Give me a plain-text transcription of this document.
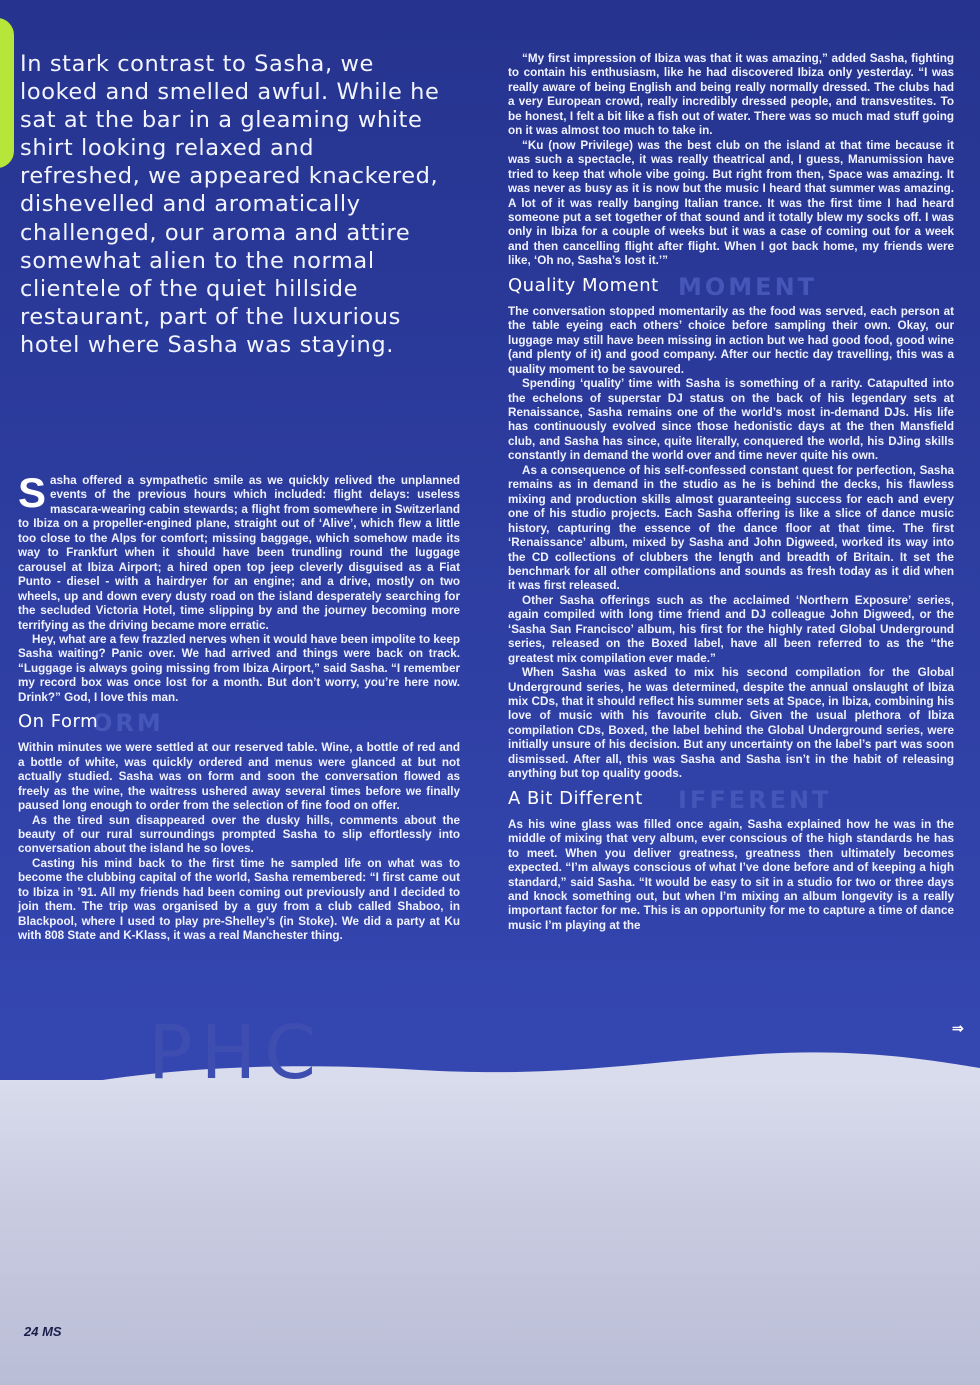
In stark contrast to Sasha, we looked and smelled awful. While he sat at the bar in a gleaming white shirt looking relaxed and refreshed, we appeared knackered, dishevelled and aromatically challenged, our aroma and attire somewhat alien to the normal clientele of the quiet hillside restaurant, part of the luxurious hotel where Sasha was staying.

Sasha offered a sympathetic smile as we quickly relived the unplanned events of the previous hours which included: flight delays: useless mascara-wearing cabin stewards; a flight from somewhere in Switzerland to Ibiza on a propeller-engined plane, straight out of ‘Alive’, which flew a little too close to the Alps for comfort; missing baggage, which somehow made its way to Frankfurt when it should have been trundling round the luggage carousel at Ibiza Airport; a hired open top jeep cleverly disguised as a Fiat Punto - diesel - with a hairdryer for an engine; and a drive, mostly on two wheels, up and down every dusty road on the island desperately searching for the secluded Victoria Hotel, time slipping by and the journey becoming more terrifying as the driving became more erratic.

Hey, what are a few frazzled nerves when it would have been impolite to keep Sasha waiting? Panic over. We had arrived and things were back on track. “Luggage is always going missing from Ibiza Airport,” said Sasha. “I remember my record box was once lost for a month. But don’t worry, you’re here now. Drink?” God, I love this man.

On Form
ORM

Within minutes we were settled at our reserved table. Wine, a bottle of red and a bottle of white, was quickly ordered and menus were glanced at but not actually studied. Sasha was on form and soon the conversation flowed as freely as the wine, the waitress ushered away several times before we finally paused long enough to order from the selection of fine food on offer.

As the tired sun disappeared over the dusky hills, comments about the beauty of our rural surroundings prompted Sasha to slip effortlessly into conversation about the island he so loves.

Casting his mind back to the first time he sampled life on what was to become the clubbing capital of the world, Sasha remembered: “I first came out to Ibiza in ’91. All my friends had been coming out previously and I decided to join them. The trip was organised by a guy from a club called Shaboo, in Blackpool, where I used to play pre-Shelley’s (in Stoke). We did a party at Ku with 808 State and K-Klass, it was a real Manchester thing.

“My first impression of Ibiza was that it was amazing,” added Sasha, fighting to contain his enthusiasm, like he had discovered Ibiza only yesterday. “I was really aware of being English and being really normally dressed. The clubs had a very European crowd, really incredibly dressed people, and transvestites. To be honest, I felt a bit like a fish out of water. There was so much mad stuff going on it was almost too much to take in.

“Ku (now Privilege) was the best club on the island at that time because it was such a spectacle, it was really theatrical and, I guess, Manumission have tried to keep that whole vibe going. But right from then, Space was amazing. It was never as busy as it is now but the music I heard that summer was amazing. A lot of it was really banging Italian trance. It was the first time I had heard someone put a set together of that sound and it totally blew my socks off. I was only in Ibiza for a couple of weeks but it was a case of coming out for a week and then cancelling flight after flight. When I got back home, my friends were like, ‘Oh no, Sasha’s lost it.’”

Quality Moment MOMENT

The conversation stopped momentarily as the food was served, each person at the table eyeing each others’ choice before sampling their own. Okay, our luggage may still have been missing in action but we had good food, good wine (and plenty of it) and good company. After our hectic day travelling, this was a quality moment to be savoured.

Spending ‘quality’ time with Sasha is something of a rarity. Catapulted into the echelons of superstar DJ status on the back of his legendary sets at Renaissance, Sasha remains one of the world’s most in-demand DJs. His life has continuously evolved since those hedonistic days at the then Mansfield club, and Sasha has since, quite literally, conquered the world, his DJing skills constantly in demand the world over and time never quite his own.

As a consequence of his self-confessed constant quest for perfection, Sasha remains as in demand in the studio as he is behind the decks, his flawless mixing and production skills almost guaranteeing success for each and every one of his studio projects. Each Sasha offering is like a slice of dance music history, capturing the essence of the dance floor at that time. The first ‘Renaissance’ album, mixed by Sasha and John Digweed, worked its way into the CD collections of clubbers the length and breadth of Britain. It set the benchmark for all other compilations and sounds as fresh today as it did when it was first released.

Other Sasha offerings such as the acclaimed ‘Northern Exposure’ series, again compiled with long time friend and DJ colleague John Digweed, or the ‘Sasha San Francisco’ album, his first for the highly rated Global Underground series, released on the Boxed label, have all been referred to as the “the greatest mix compilation ever made.”

When Sasha was asked to mix his second compilation for the Global Underground series, he was determined, despite the annual onslaught of Ibiza mix CDs, that it should reflect his summer sets at Space, in Ibiza, combining his love of music with his favourite club. Given the usual plethora of Ibiza compilation CDs, Boxed, the label behind the Global Underground series, were initially unsure of his decision. But any uncertainty on the label’s part was soon dismissed. After all, this was Sasha and Sasha isn’t in the habit of releasing anything but top quality goods.

A Bit Different IFFERENT

As his wine glass was filled once again, Sasha explained how he was in the middle of mixing that very album, ever conscious of the high standards he has to meet. When you deliver greatness, greatness then ultimately becomes expected. “I’m always conscious of what I’ve done before and of keeping a high standard,” said Sasha. “It would be easy to sit in a studio for two or three days and knock something out, but when I’m mixing an album longevity is a really important factor for me. This is an opportunity for me to capture a time of dance music I’m playing at the

PHC	⇒
24 MS
